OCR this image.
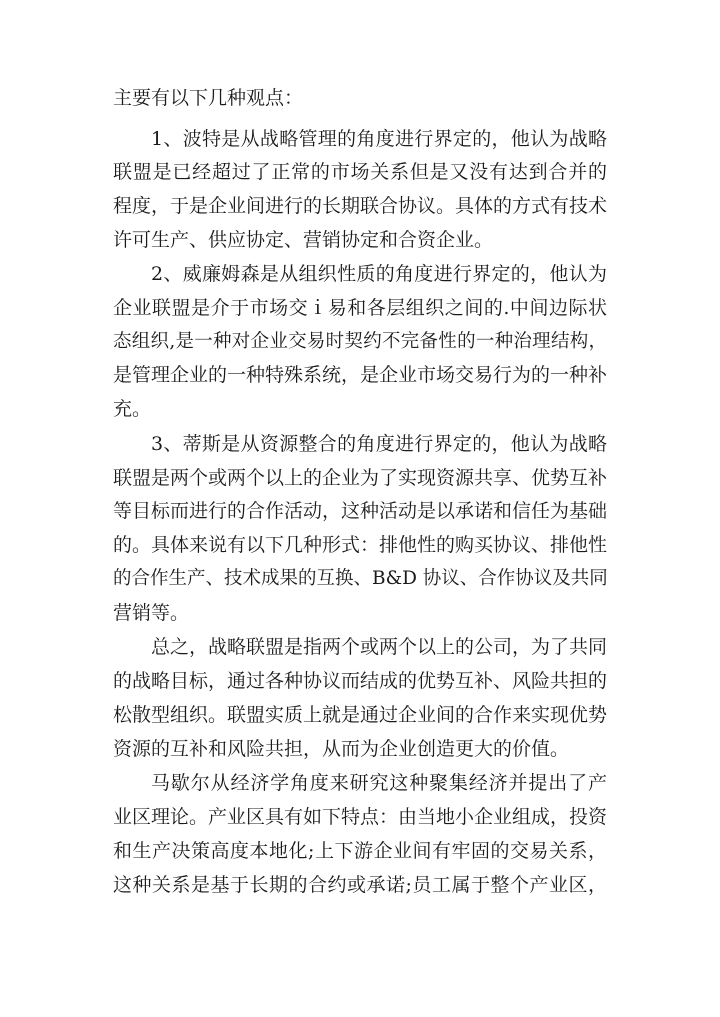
主要有以下几种观点：
1、波特是从战略管理的角度进行界定的，他认为战略
联盟是已经超过了正常的市场关系但是又没有达到合并的
程度，于是企业间进行的长期联合协议。具体的方式有技术
许可生产、供应协定、营销协定和合资企业。
2、威廉姆森是从组织性质的角度进行界定的，他认为
企业联盟是介于市场交ｉ易和各层组织之间的.中间边际状
态组织,是一种对企业交易时契约不完备性的一种治理结构，
是管理企业的一种特殊系统，是企业市场交易行为的一种补
充。
3、蒂斯是从资源整合的角度进行界定的，他认为战略
联盟是两个或两个以上的企业为了实现资源共享、优势互补
等目标而进行的合作活动，这种活动是以承诺和信任为基础
的。具体来说有以下几种形式：排他性的购买协议、排他性
的合作生产、技术成果的互换、B&D 协议、合作协议及共同
营销等。
总之，战略联盟是指两个或两个以上的公司，为了共同
的战略目标，通过各种协议而结成的优势互补、风险共担的
松散型组织。联盟实质上就是通过企业间的合作来实现优势
资源的互补和风险共担，从而为企业创造更大的价值。
马歇尔从经济学角度来研究这种聚集经济并提出了产
业区理论。产业区具有如下特点：由当地小企业组成，投资
和生产决策高度本地化;上下游企业间有牢固的交易关系，
这种关系是基于长期的合约或承诺;员工属于整个产业区，
